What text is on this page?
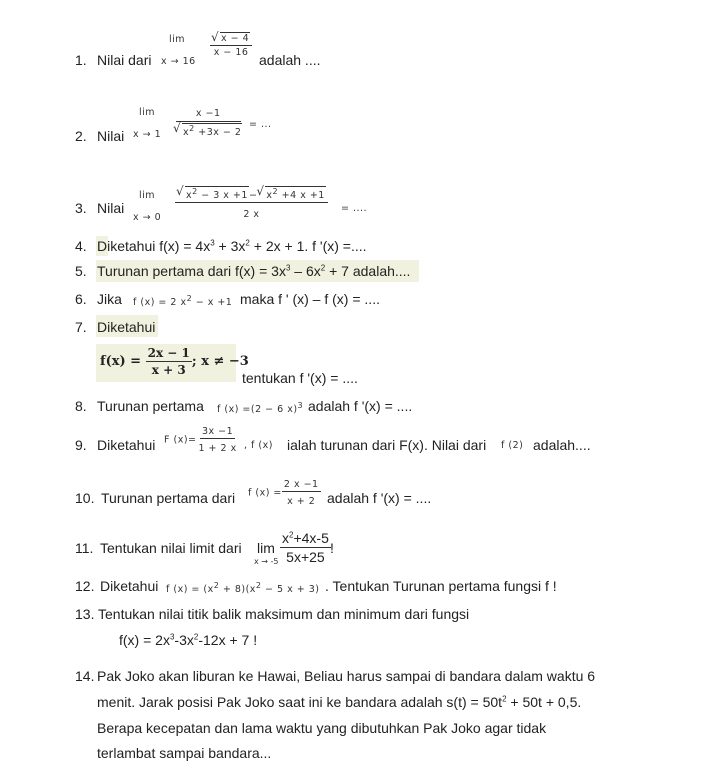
1. Nilai dari
lim
x → 16
√ $\frac{x - 4}{x - 16}$
adalah ....
2. Nilai
lim
x → 1 x −1
√ $x^2 +3x - 2$ = ...
3. Nilai
lim
x → 0 √ $\frac{x^2 - 3 x +1- √ x^2 +4 x +1}{2 x}$ = ....
4. Diketahui $f(x) = 4x^3 + 3x^2 + 2x + 1$. f '(x) =....
5. Turunan pertama dari $f(x) = 3x^3 - 6x^2 + 7$ adalah....
6. Jika f (x) = 2 $x^2 - x +1$ maka f ' (x) – f (x) = ....
7. Diketahui
$f(x) = \frac{2x - 1}{x + 3}$ ; x ≠ −3
tentukan f '(x) = ....
8. Turunan pertama f (x) =(2 − 6 x)$^3$ adalah f '(x) = ....
9. Diketahui F $(x)= \frac{3x -1}{1 + 2 x}$ , f (x) ialah turunan dari F(x). Nilai dari f (2) adalah....
10. Turunan pertama dari f $(x) = \frac{2 x -1}{x + 2}$ adalah f '(x) = ....
11. Tentukan nilai limit dari lim
$x \to -5 \frac{x^2+4x-5}{5x+25}$ !
12. Diketahui f $(x) = (x^2 + 8)(x^2 - 5$ x + 3) . Tentukan Turunan pertama fungsi f !
13. Tentukan nilai titik balik maksimum dan minimum dari fungsi
$f(x) = 2x^3-3x^2-12x + 7$ !
14. Pak Joko akan liburan ke Hawai, Beliau harus sampai di bandara dalam waktu 6
menit. Jarak posisi Pak Joko saat ini ke bandara adalah $s(t) = 50t^2 + 50t + 0,5$.
Berapa kecepatan dan lama waktu yang dibutuhkan Pak Joko agar tidak
terlambat sampai bandara...
